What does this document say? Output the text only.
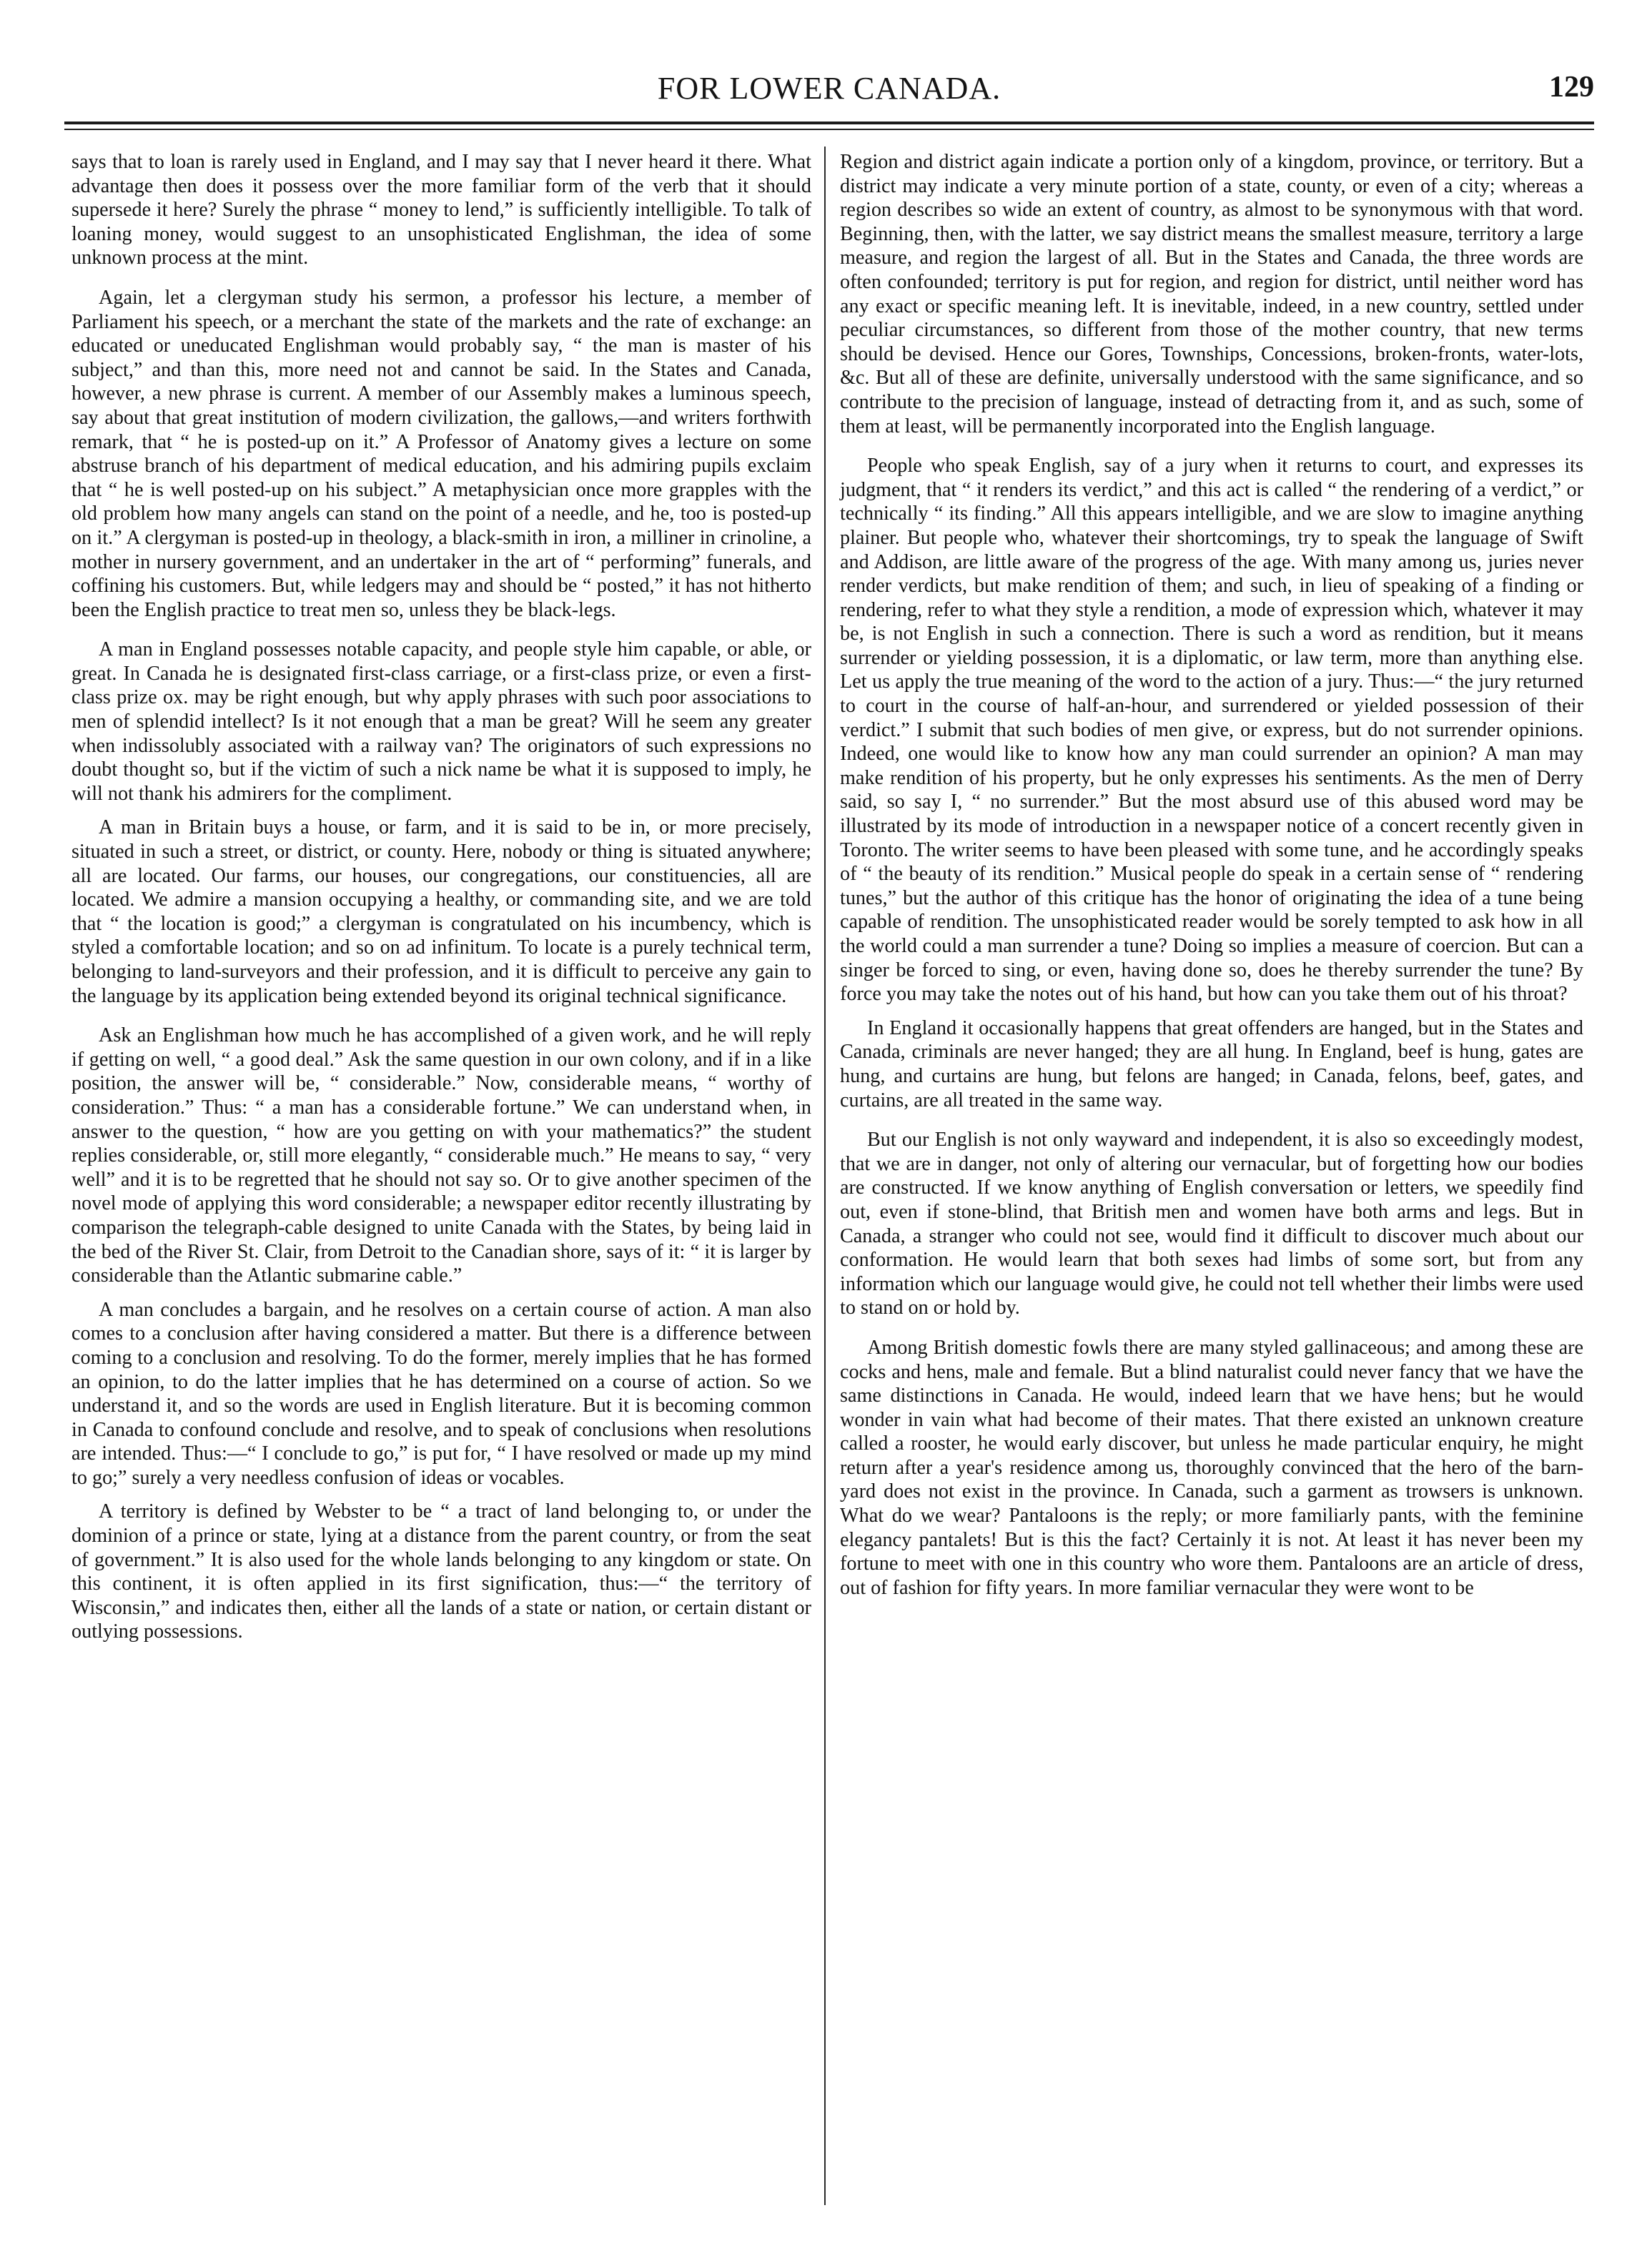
FOR LOWER CANADA.	129

says that to loan is rarely used in England, and I may say that I never heard it there. What advantage then does it possess over the more familiar form of the verb that it should supersede it here? Surely the phrase “ money to lend,” is sufficiently intelligible. To talk of loaning money, would suggest to an unsophisticated Englishman, the idea of some unknown process at the mint.

Again, let a clergyman study his sermon, a professor his lecture, a member of Parliament his speech, or a merchant the state of the markets and the rate of exchange: an educated or uneducated Englishman would probably say, “ the man is master of his subject,” and than this, more need not and cannot be said. In the States and Canada, however, a new phrase is current. A member of our Assembly makes a luminous speech, say about that great institution of modern civilization, the gallows,—and writers forthwith remark, that “ he is posted-up on it.” A Professor of Anatomy gives a lecture on some abstruse branch of his department of medical education, and his admiring pupils exclaim that “ he is well posted-up on his subject.” A metaphysician once more grapples with the old problem how many angels can stand on the point of a needle, and he, too is posted-up on it.” A clergyman is posted-up in theology, a black-smith in iron, a milliner in crinoline, a mother in nursery government, and an undertaker in the art of “ performing” funerals, and coffining his customers. But, while ledgers may and should be “ posted,” it has not hitherto been the English practice to treat men so, unless they be black-legs.

A man in England possesses notable capacity, and people style him capable, or able, or great. In Canada he is designated first-class carriage, or a first-class prize, or even a first-class prize ox. may be right enough, but why apply phrases with such poor associations to men of splendid intellect? Is it not enough that a man be great? Will he seem any greater when indissolubly associated with a railway van? The originators of such expressions no doubt thought so, but if the victim of such a nick name be what it is supposed to imply, he will not thank his admirers for the compliment.

A man in Britain buys a house, or farm, and it is said to be in, or more precisely, situated in such a street, or district, or county. Here, nobody or thing is situated anywhere; all are located. Our farms, our houses, our congregations, our constituencies, all are located. We admire a mansion occupying a healthy, or commanding site, and we are told that “ the location is good;” a clergyman is congratulated on his incumbency, which is styled a comfortable location; and so on ad infinitum. To locate is a purely technical term, belonging to land-surveyors and their profession, and it is difficult to perceive any gain to the language by its application being extended beyond its original technical significance.

Ask an Englishman how much he has accomplished of a given work, and he will reply if getting on well, “ a good deal.” Ask the same question in our own colony, and if in a like position, the answer will be, “ considerable.” Now, considerable means, “ worthy of consideration.” Thus: “ a man has a considerable fortune.” We can understand when, in answer to the question, “ how are you getting on with your mathematics?” the student replies considerable, or, still more elegantly, “ considerable much.” He means to say, “ very well” and it is to be regretted that he should not say so. Or to give another specimen of the novel mode of applying this word considerable; a newspaper editor recently illustrating by comparison the telegraph-cable designed to unite Canada with the States, by being laid in the bed of the River St. Clair, from Detroit to the Canadian shore, says of it: “ it is larger by considerable than the Atlantic submarine cable.”

A man concludes a bargain, and he resolves on a certain course of action. A man also comes to a conclusion after having considered a matter. But there is a difference between coming to a conclusion and resolving. To do the former, merely implies that he has formed an opinion, to do the latter implies that he has determined on a course of action. So we understand it, and so the words are used in English literature. But it is becoming common in Canada to confound conclude and resolve, and to speak of conclusions when resolutions are intended. Thus:—“ I conclude to go,” is put for, “ I have resolved or made up my mind to go;” surely a very needless confusion of ideas or vocables.

A territory is defined by Webster to be “ a tract of land belonging to, or under the dominion of a prince or state, lying at a distance from the parent country, or from the seat of government.” It is also used for the whole lands belonging to any kingdom or state. On this continent, it is often applied in its first signification, thus:—“ the territory of Wisconsin,” and indicates then, either all the lands of a state or nation, or certain distant or outlying possessions.

Region and district again indicate a portion only of a kingdom, province, or territory. But a district may indicate a very minute portion of a state, county, or even of a city; whereas a region describes so wide an extent of country, as almost to be synonymous with that word. Beginning, then, with the latter, we say district means the smallest measure, territory a large measure, and region the largest of all. But in the States and Canada, the three words are often confounded; territory is put for region, and region for district, until neither word has any exact or specific meaning left. It is inevitable, indeed, in a new country, settled under peculiar circumstances, so different from those of the mother country, that new terms should be devised. Hence our Gores, Townships, Concessions, broken-fronts, water-lots, &c. But all of these are definite, universally understood with the same significance, and so contribute to the precision of language, instead of detracting from it, and as such, some of them at least, will be permanently incorporated into the English language.

People who speak English, say of a jury when it returns to court, and expresses its judgment, that “ it renders its verdict,” and this act is called “ the rendering of a verdict,” or technically “ its finding.” All this appears intelligible, and we are slow to imagine anything plainer. But people who, whatever their shortcomings, try to speak the language of Swift and Addison, are little aware of the progress of the age. With many among us, juries never render verdicts, but make rendition of them; and such, in lieu of speaking of a finding or rendering, refer to what they style a rendition, a mode of expression which, whatever it may be, is not English in such a connection. There is such a word as rendition, but it means surrender or yielding possession, it is a diplomatic, or law term, more than anything else. Let us apply the true meaning of the word to the action of a jury. Thus:—“ the jury returned to court in the course of half-an-hour, and surrendered or yielded possession of their verdict.” I submit that such bodies of men give, or express, but do not surrender opinions. Indeed, one would like to know how any man could surrender an opinion? A man may make rendition of his property, but he only expresses his sentiments. As the men of Derry said, so say I, “ no surrender.” But the most absurd use of this abused word may be illustrated by its mode of introduction in a newspaper notice of a concert recently given in Toronto. The writer seems to have been pleased with some tune, and he accordingly speaks of “ the beauty of its rendition.” Musical people do speak in a certain sense of “ rendering tunes,” but the author of this critique has the honor of originating the idea of a tune being capable of rendition. The unsophisticated reader would be sorely tempted to ask how in all the world could a man surrender a tune? Doing so implies a measure of coercion. But can a singer be forced to sing, or even, having done so, does he thereby surrender the tune? By force you may take the notes out of his hand, but how can you take them out of his throat?

In England it occasionally happens that great offenders are hanged, but in the States and Canada, criminals are never hanged; they are all hung. In England, beef is hung, gates are hung, and curtains are hung, but felons are hanged; in Canada, felons, beef, gates, and curtains, are all treated in the same way.

But our English is not only wayward and independent, it is also so exceedingly modest, that we are in danger, not only of altering our vernacular, but of forgetting how our bodies are constructed. If we know anything of English conversation or letters, we speedily find out, even if stone-blind, that British men and women have both arms and legs. But in Canada, a stranger who could not see, would find it difficult to discover much about our conformation. He would learn that both sexes had limbs of some sort, but from any information which our language would give, he could not tell whether their limbs were used to stand on or hold by.

Among British domestic fowls there are many styled gallinaceous; and among these are cocks and hens, male and female. But a blind naturalist could never fancy that we have the same distinctions in Canada. He would, indeed learn that we have hens; but he would wonder in vain what had become of their mates. That there existed an unknown creature called a rooster, he would early discover, but unless he made particular enquiry, he might return after a year's residence among us, thoroughly convinced that the hero of the barn-yard does not exist in the province. In Canada, such a garment as trowsers is unknown. What do we wear? Pantaloons is the reply; or more familiarly pants, with the feminine elegancy pantalets! But is this the fact? Certainly it is not. At least it has never been my fortune to meet with one in this country who wore them. Pantaloons are an article of dress, out of fashion for fifty years. In more familiar vernacular they were wont to be
